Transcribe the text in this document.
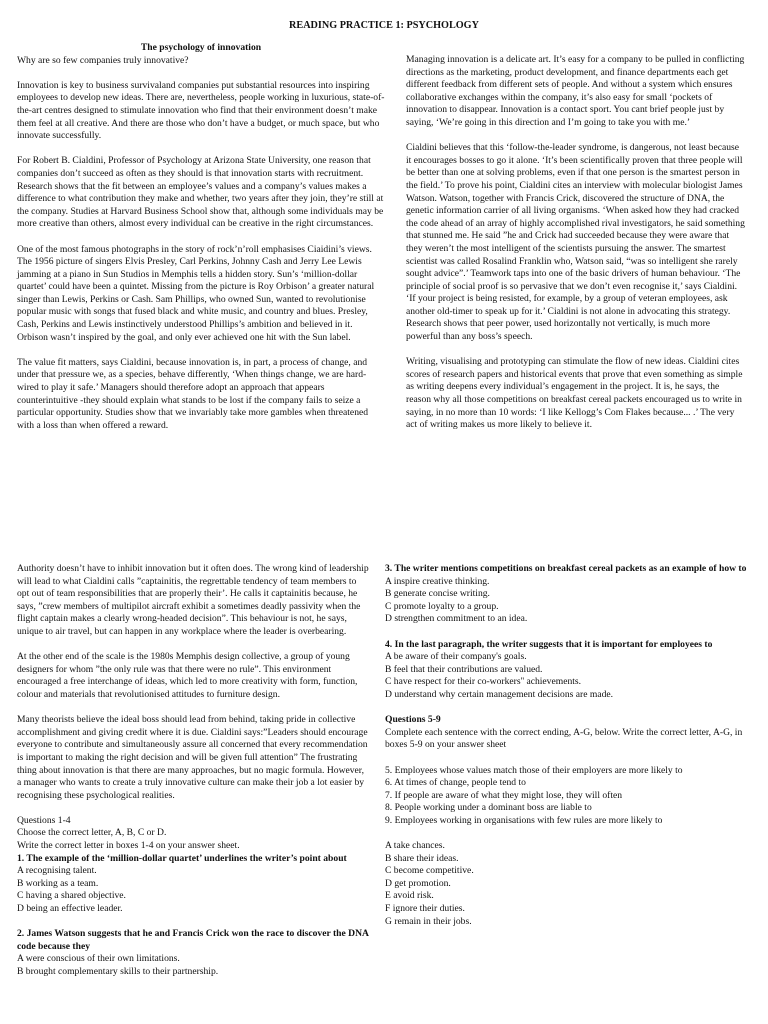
READING PRACTICE 1: PSYCHOLOGY

The psychology of innovation

Why are so few companies truly innovative?

Innovation is key to business survivaland companies put substantial resources into inspiring employees to develop new ideas. There are, nevertheless, people working in luxurious, state-of-the-art centres designed to stimulate innovation who find that their environment doesn’t make them feel at all creative. And there are those who don’t have a budget, or much space, but who innovate successfully.

For Robert B. Cialdini, Professor of Psychology at Arizona State University, one reason that companies don’t succeed as often as they should is that innovation starts with recruitment. Research shows that the fit between an employee’s values and a company’s values makes a difference to what contribution they make and whether, two years after they join, they’re still at the company. Studies at Harvard Business School show that, although some individuals may be more creative than others, almost every individual can be creative in the right circumstances.

One of the most famous photographs in the story of rock’n’roll emphasises Ciaidini’s views. The 1956 picture of singers Elvis Presley, Carl Perkins, Johnny Cash and Jerry Lee Lewis jamming at a piano in Sun Studios in Memphis tells a hidden story. Sun’s ‘million-dollar quartet’ could have been a quintet. Missing from the picture is Roy Orbison’ a greater natural singer than Lewis, Perkins or Cash. Sam Phillips, who owned Sun, wanted to revolutionise popular music with songs that fused black and white music, and country and blues. Presley, Cash, Perkins and Lewis instinctively understood Phillips’s ambition and believed in it. Orbison wasn’t inspired by the goal, and only ever achieved one hit with the Sun label.

The value fit matters, says Cialdini, because innovation is, in part, a process of change, and under that pressure we, as a species, behave differently, ‘When things change, we are hard-wired to play it safe.’ Managers should therefore adopt an approach that appears counterintuitive -they should explain what stands to be lost if the company fails to seize a particular opportunity. Studies show that we invariably take more gambles when threatened with a loss than when offered a reward.

Managing innovation is a delicate art. It’s easy for a company to be pulled in conflicting directions as the marketing, product development, and finance departments each get different feedback from different sets of people. And without a system which ensures collaborative exchanges within the company, it’s also easy for small ‘pockets of innovation to disappear. Innovation is a contact sport. You cant brief people just by saying, ‘We’re going in this direction and I’m going to take you with me.’

Cialdini believes that this ‘follow-the-leader syndrome, is dangerous, not least because it encourages bosses to go it alone. ‘It’s been scientifically proven that three people will be better than one at solving problems, even if that one person is the smartest person in the field.’ To prove his point, Cialdini cites an interview with molecular biologist James Watson. Watson, together with Francis Crick, discovered the structure of DNA, the genetic information carrier of all living organisms. ‘When asked how they had cracked the code ahead of an array of highly accomplished rival investigators, he said something that stunned me. He said ”he and Crick had succeeded because they were aware that they weren’t the most intelligent of the scientists pursuing the answer. The smartest scientist was called Rosalind Franklin who, Watson said, “was so intelligent she rarely sought advice”.’ Teamwork taps into one of the basic drivers of human behaviour. ‘The principle of social proof is so pervasive that we don’t even recognise it,’ says Cialdini. ‘If your project is being resisted, for example, by a group of veteran employees, ask another old-timer to speak up for it.’ Cialdini is not alone in advocating this strategy. Research shows that peer power, used horizontally not vertically, is much more powerful than any boss’s speech.

Writing, visualising and prototyping can stimulate the flow of new ideas. Cialdini cites scores of research papers and historical events that prove that even something as simple as writing deepens every individual’s engagement in the project. It is, he says, the reason why all those competitions on breakfast cereal packets encouraged us to write in saying, in no more than 10 words: ‘I like Kellogg’s Com Flakes because... .’ The very act of writing makes us more likely to believe it.

Authority doesn’t have to inhibit innovation but it often does. The wrong kind of leadership will lead to what Cialdini calls ”captainitis, the regrettable tendency of team members to opt out of team responsibilities that are properly their’. He calls it captainitis because, he says, ”crew members of multipilot aircraft exhibit a sometimes deadly passivity when the flight captain makes a clearly wrong-headed decision”. This behaviour is not, he says, unique to air travel, but can happen in any workplace where the leader is overbearing.

At the other end of the scale is the 1980s Memphis design collective, a group of young designers for whom ”the only rule was that there were no rule”. This environment encouraged a free interchange of ideas, which led to more creativity with form, function, colour and materials that revolutionised attitudes to furniture design.

Many theorists believe the ideal boss should lead from behind, taking pride in collective accomplishment and giving credit where it is due. Cialdini says:”Leaders should encourage everyone to contribute and simultaneously assure all concerned that every recommendation is important to making the right decision and will be given full attention” The frustrating thing about innovation is that there are many approaches, but no magic formula. However, a manager who wants to create a truly innovative culture can make their job a lot easier by recognising these psychological realities.

Questions 1-4
Choose the correct letter, A, B, C or D.
Write the correct letter in boxes 1-4 on your answer sheet.
1. The example of the ‘million-dollar quartet’ underlines the writer’s point about
A recognising talent.
B working as a team.
C having a shared objective.
D being an effective leader.
2. James Watson suggests that he and Francis Crick won the race to discover the DNA code because they
A were conscious of their own limitations.
B brought complementary skills to their partnership.
3. The writer mentions competitions on breakfast cereal packets as an example of how to
A inspire creative thinking.
B generate concise writing.
C promote loyalty to a group.
D strengthen commitment to an idea.
4. In the last paragraph, the writer suggests that it is important for employees to
A be aware of their company's goals.
B feel that their contributions are valued.
C have respect for their co-workers'' achievements.
D understand why certain management decisions are made.
Questions 5-9
Complete each sentence with the correct ending, A-G, below. Write the correct letter, A-G, in boxes 5-9 on your answer sheet

5. Employees whose values match those of their employers are more likely to

6. At times of change, people tend to

7. If people are aware of what they might lose, they will often

8. People working under a dominant boss are liable to

9. Employees working in organisations with few rules are more likely to

A take chances.

B share their ideas.

C become competitive.

D get promotion.

E avoid risk.

F ignore their duties.

G remain in their jobs.
